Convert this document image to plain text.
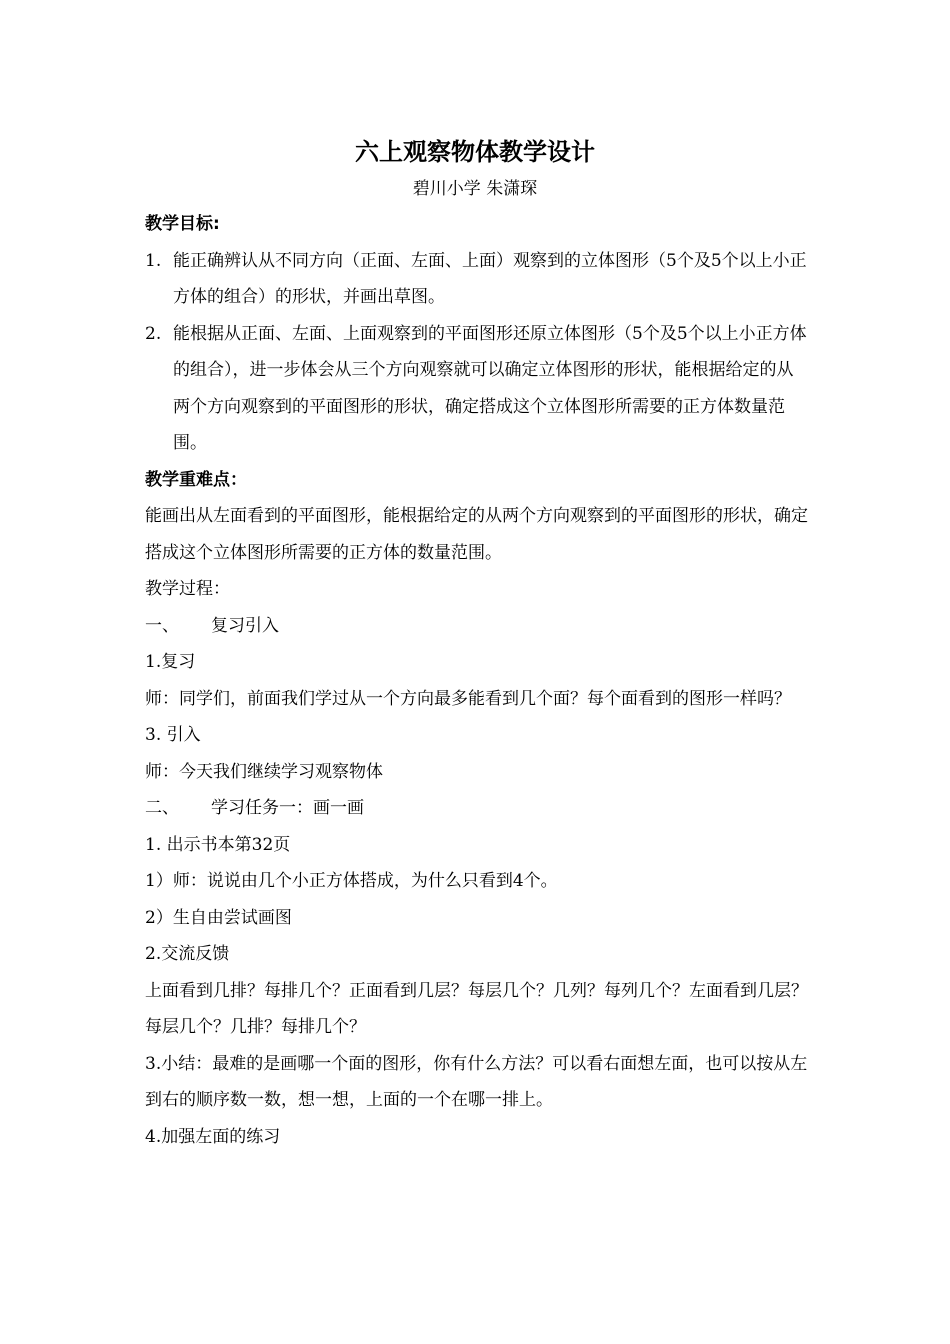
六上观察物体教学设计
碧川小学 朱潇琛

教学目标:

1. 能正确辨认从不同方向（正面、左面、上面）观察到的立体图形（5个及5个以上小正方体的组合）的形状，并画出草图。

2. 能根据从正面、左面、上面观察到的平面图形还原立体图形（5个及5个以上小正方体的组合），进一步体会从三个方向观察就可以确定立体图形的形状，能根据给定的从两个方向观察到的平面图形的形状，确定搭成这个立体图形所需要的正方体数量范围。

教学重难点：

能画出从左面看到的平面图形，能根据给定的从两个方向观察到的平面图形的形状，确定搭成这个立体图形所需要的正方体的数量范围。

教学过程：

一、 复习引入

1.复习

师：同学们，前面我们学过从一个方向最多能看到几个面？每个面看到的图形一样吗？

3. 引入

师：今天我们继续学习观察物体

二、 学习任务一：画一画

1. 出示书本第32页

1）师：说说由几个小正方体搭成，为什么只看到4个。

2）生自由尝试画图

2.交流反馈

上面看到几排？每排几个？正面看到几层？每层几个？几列？每列几个？左面看到几层？每层几个？几排？每排几个？

3.小结：最难的是画哪一个面的图形，你有什么方法？可以看右面想左面，也可以按从左到右的顺序数一数，想一想，上面的一个在哪一排上。

4.加强左面的练习
